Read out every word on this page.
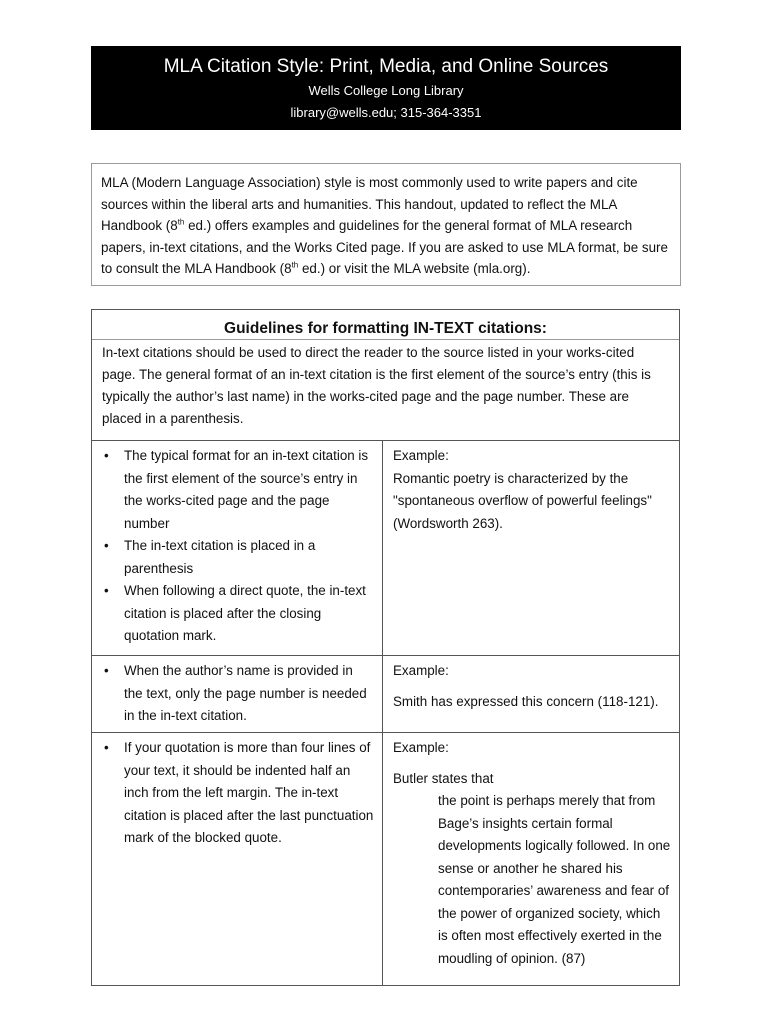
MLA Citation Style: Print, Media, and Online Sources
Wells College Long Library
library@wells.edu; 315-364-3351
MLA (Modern Language Association) style is most commonly used to write papers and cite sources within the liberal arts and humanities. This handout, updated to reflect the MLA Handbook (8th ed.) offers examples and guidelines for the general format of MLA research papers, in-text citations, and the Works Cited page. If you are asked to use MLA format, be sure to consult the MLA Handbook (8th ed.) or visit the MLA website (mla.org).
Guidelines for formatting IN-TEXT citations:
In-text citations should be used to direct the reader to the source listed in your works-cited page. The general format of an in-text citation is the first element of the source’s entry (this is typically the author’s last name) in the works-cited page and the page number. These are placed in a parenthesis.
• The typical format for an in-text citation is the first element of the source’s entry in the works-cited page and the page number
• The in-text citation is placed in a parenthesis
• When following a direct quote, the in-text citation is placed after the closing quotation mark.
Example:
Romantic poetry is characterized by the "spontaneous overflow of powerful feelings" (Wordsworth 263).
• When the author’s name is provided in the text, only the page number is needed in the in-text citation.
Example:
Smith has expressed this concern (118-121).
• If your quotation is more than four lines of your text, it should be indented half an inch from the left margin. The in-text citation is placed after the last punctuation mark of the blocked quote.
Example:
Butler states that
the point is perhaps merely that from Bage’s insights certain formal developments logically followed. In one sense or another he shared his contemporaries’ awareness and fear of the power of organized society, which is often most effectively exerted in the moudling of opinion. (87)
